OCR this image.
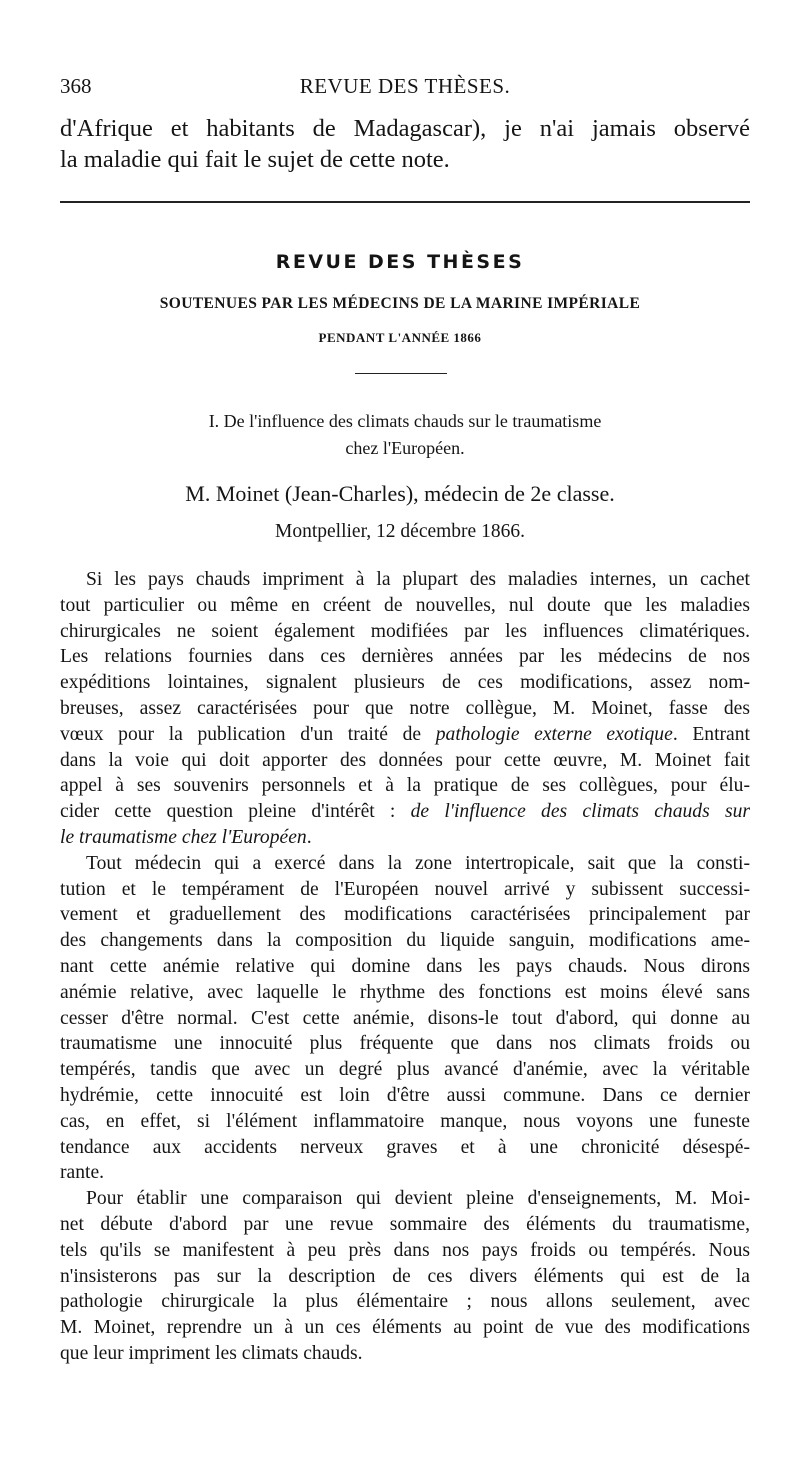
368	REVUE DES THÈSES.
d'Afrique et habitants de Madagascar), je n'ai jamais observé
la maladie qui fait le sujet de cette note.
REVUE DES THÈSES
SOUTENUES PAR LES MÉDECINS DE LA MARINE IMPÉRIALE
PENDANT L'ANNÉE 1866
I. De l'influence des climats chauds sur le traumatisme
chez l'Européen.
M. Moinet (Jean-Charles), médecin de 2e classe.
Montpellier, 12 décembre 1866.
Si les pays chauds impriment à la plupart des maladies internes, un cachet
tout particulier ou même en créent de nouvelles, nul doute que les maladies
chirurgicales ne soient également modifiées par les influences climatériques.
Les relations fournies dans ces dernières années par les médecins de nos
expéditions lointaines, signalent plusieurs de ces modifications, assez nom-
breuses, assez caractérisées pour que notre collègue, M. Moinet, fasse des
vœux pour la publication d'un traité de pathologie externe exotique. Entrant
dans la voie qui doit apporter des données pour cette œuvre, M. Moinet fait
appel à ses souvenirs personnels et à la pratique de ses collègues, pour élu-
cider cette question pleine d'intérêt : de l'influence des climats chauds sur
le traumatisme chez l'Européen.
Tout médecin qui a exercé dans la zone intertropicale, sait que la consti-
tution et le tempérament de l'Européen nouvel arrivé y subissent successi-
vement et graduellement des modifications caractérisées principalement par
des changements dans la composition du liquide sanguin, modifications ame-
nant cette anémie relative qui domine dans les pays chauds. Nous dirons
anémie relative, avec laquelle le rhythme des fonctions est moins élevé sans
cesser d'être normal. C'est cette anémie, disons-le tout d'abord, qui donne au
traumatisme une innocuité plus fréquente que dans nos climats froids ou
tempérés, tandis que avec un degré plus avancé d'anémie, avec la véritable
hydrémie, cette innocuité est loin d'être aussi commune. Dans ce dernier
cas, en effet, si l'élément inflammatoire manque, nous voyons une funeste
tendance aux accidents nerveux graves et à une chronicité désespé-
rante.
Pour établir une comparaison qui devient pleine d'enseignements, M. Moi-
net débute d'abord par une revue sommaire des éléments du traumatisme,
tels qu'ils se manifestent à peu près dans nos pays froids ou tempérés. Nous
n'insisterons pas sur la description de ces divers éléments qui est de la
pathologie chirurgicale la plus élémentaire ; nous allons seulement, avec
M. Moinet, reprendre un à un ces éléments au point de vue des modifications
que leur impriment les climats chauds.
